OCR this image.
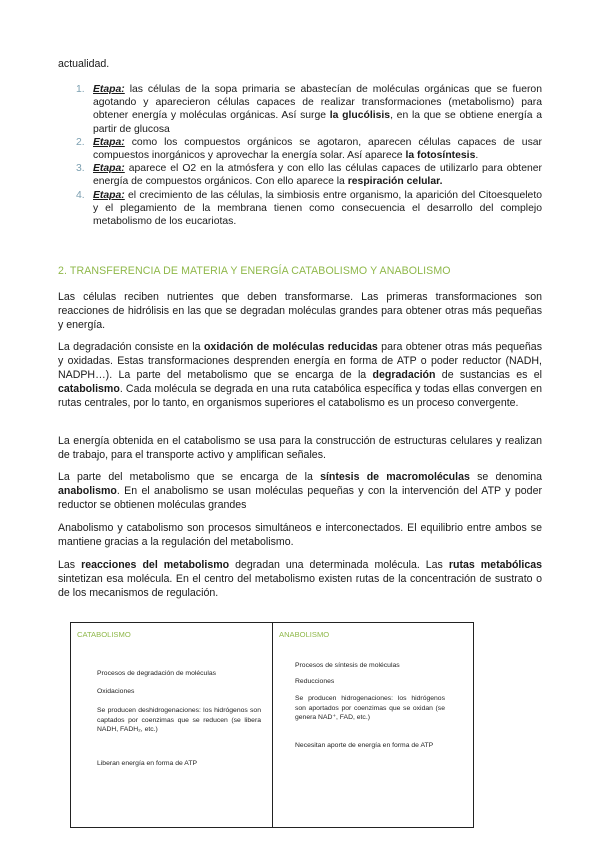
actualidad.

1. Etapa: las células de la sopa primaria se abastecían de moléculas orgánicas que se fueron agotando y aparecieron células capaces de realizar transformaciones (metabolismo) para obtener energía y moléculas orgánicas. Así surge la glucólisis, en la que se obtiene energía a partir de glucosa
2. Etapa: como los compuestos orgánicos se agotaron, aparecen células capaces de usar compuestos inorgánicos y aprovechar la energía solar. Así aparece la fotosíntesis.
3. Etapa: aparece el O2 en la atmósfera y con ello las células capaces de utilizarlo para obtener energía de compuestos orgánicos. Con ello aparece la respiración celular.
4. Etapa: el crecimiento de las células, la simbiosis entre organismo, la aparición del Citoesqueleto y el plegamiento de la membrana tienen como consecuencia el desarrollo del complejo metabolismo de los eucariotas.
2. TRANSFERENCIA DE MATERIA Y ENERGÍA CATABOLISMO Y ANABOLISMO

Las células reciben nutrientes que deben transformarse. Las primeras transformaciones son reacciones de hidrólisis en las que se degradan moléculas grandes para obtener otras más pequeñas y energía.

La degradación consiste en la oxidación de moléculas reducidas para obtener otras más pequeñas y oxidadas. Estas transformaciones desprenden energía en forma de ATP o poder reductor (NADH, NADPH…). La parte del metabolismo que se encarga de la degradación de sustancias es el catabolismo. Cada molécula se degrada en una ruta catabólica específica y todas ellas convergen en rutas centrales, por lo tanto, en organismos superiores el catabolismo es un proceso convergente.

La energía obtenida en el catabolismo se usa para la construcción de estructuras celulares y realizan de trabajo, para el transporte activo y amplifican señales.

La parte del metabolismo que se encarga de la síntesis de macromoléculas se denomina anabolismo. En el anabolismo se usan moléculas pequeñas y con la intervención del ATP y poder reductor se obtienen moléculas grandes

Anabolismo y catabolismo son procesos simultáneos e interconectados. El equilibrio entre ambos se mantiene gracias a la regulación del metabolismo.

Las reacciones del metabolismo degradan una determinada molécula. Las rutas metabólicas sintetizan esa molécula. En el centro del metabolismo existen rutas de la concentración de sustrato o de los mecanismos de regulación.

CATABOLISMO
Procesos de degradación de moléculas
Oxidaciones
Se producen deshidrogenaciones: los hidrógenos son captados por coenzimas que se reducen (se libera NADH, FADH₂, etc.)
Liberan energía en forma de ATP
ANABOLISMO
Procesos de síntesis de moléculas
Reducciones
Se producen hidrogenaciones: los hidrógenos son aportados por coenzimas que se oxidan (se genera NAD⁺, FAD, etc.)
Necesitan aporte de energía en forma de ATP
